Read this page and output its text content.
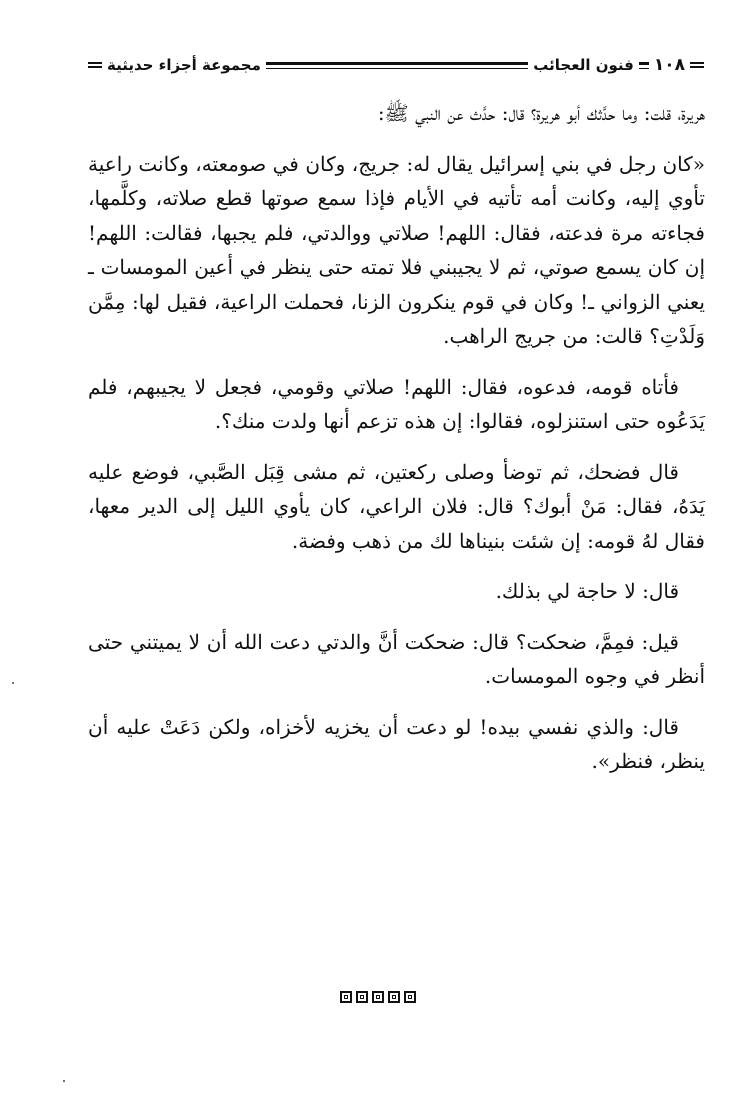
١٠٨
فنون العجائب
مجموعة أجزاء حديثية

هريرة، قلت: وما حدَّثك أبو هريرة؟ قال: حدَّث عن النبي ﷺ:

«كان رجل في بني إسرائيل يقال له: جريج، وكان في صومعته، وكانت راعية تأوي إليه، وكانت أمه تأتيه في الأيام فإذا سمع صوتها قطع صلاته، وكلَّمها، فجاءته مرة فدعته، فقال: اللهم! صلاتي ووالدتي، فلم يجبها، فقالت: اللهم! إن كان يسمع صوتي، ثم لا يجيبني فلا تمته حتى ينظر في أعين المومسات ـ يعني الزواني ـ! وكان في قوم ينكرون الزنا، فحملت الراعية، فقيل لها: مِمَّن وَلَدْتِ؟ قالت: من جريج الراهب.

فأتاه قومه، فدعوه، فقال: اللهم! صلاتي وقومي، فجعل لا يجيبهم، فلم يَدَعُوه حتى استنزلوه، فقالوا: إن هذه تزعم أنها ولدت منك؟.

قال فضحك، ثم توضأ وصلى ركعتين، ثم مشى قِبَل الصَّبي، فوضع عليه يَدَهُ، فقال: مَنْ أبوك؟ قال: فلان الراعي، كان يأوي الليل إلى الدير معها، فقال لهُ قومه: إن شئت بنيناها لك من ذهب وفضة.

قال: لا حاجة لي بذلك.

قيل: فمِمَّ، ضحكت؟ قال: ضحكت أنَّ والدتي دعت الله أن لا يميتني حتى أنظر في وجوه المومسات.

قال: والذي نفسي بيده! لو دعت أن يخزيه لأخزاه، ولكن دَعَتْ عليه أن ينظر، فنظر».
